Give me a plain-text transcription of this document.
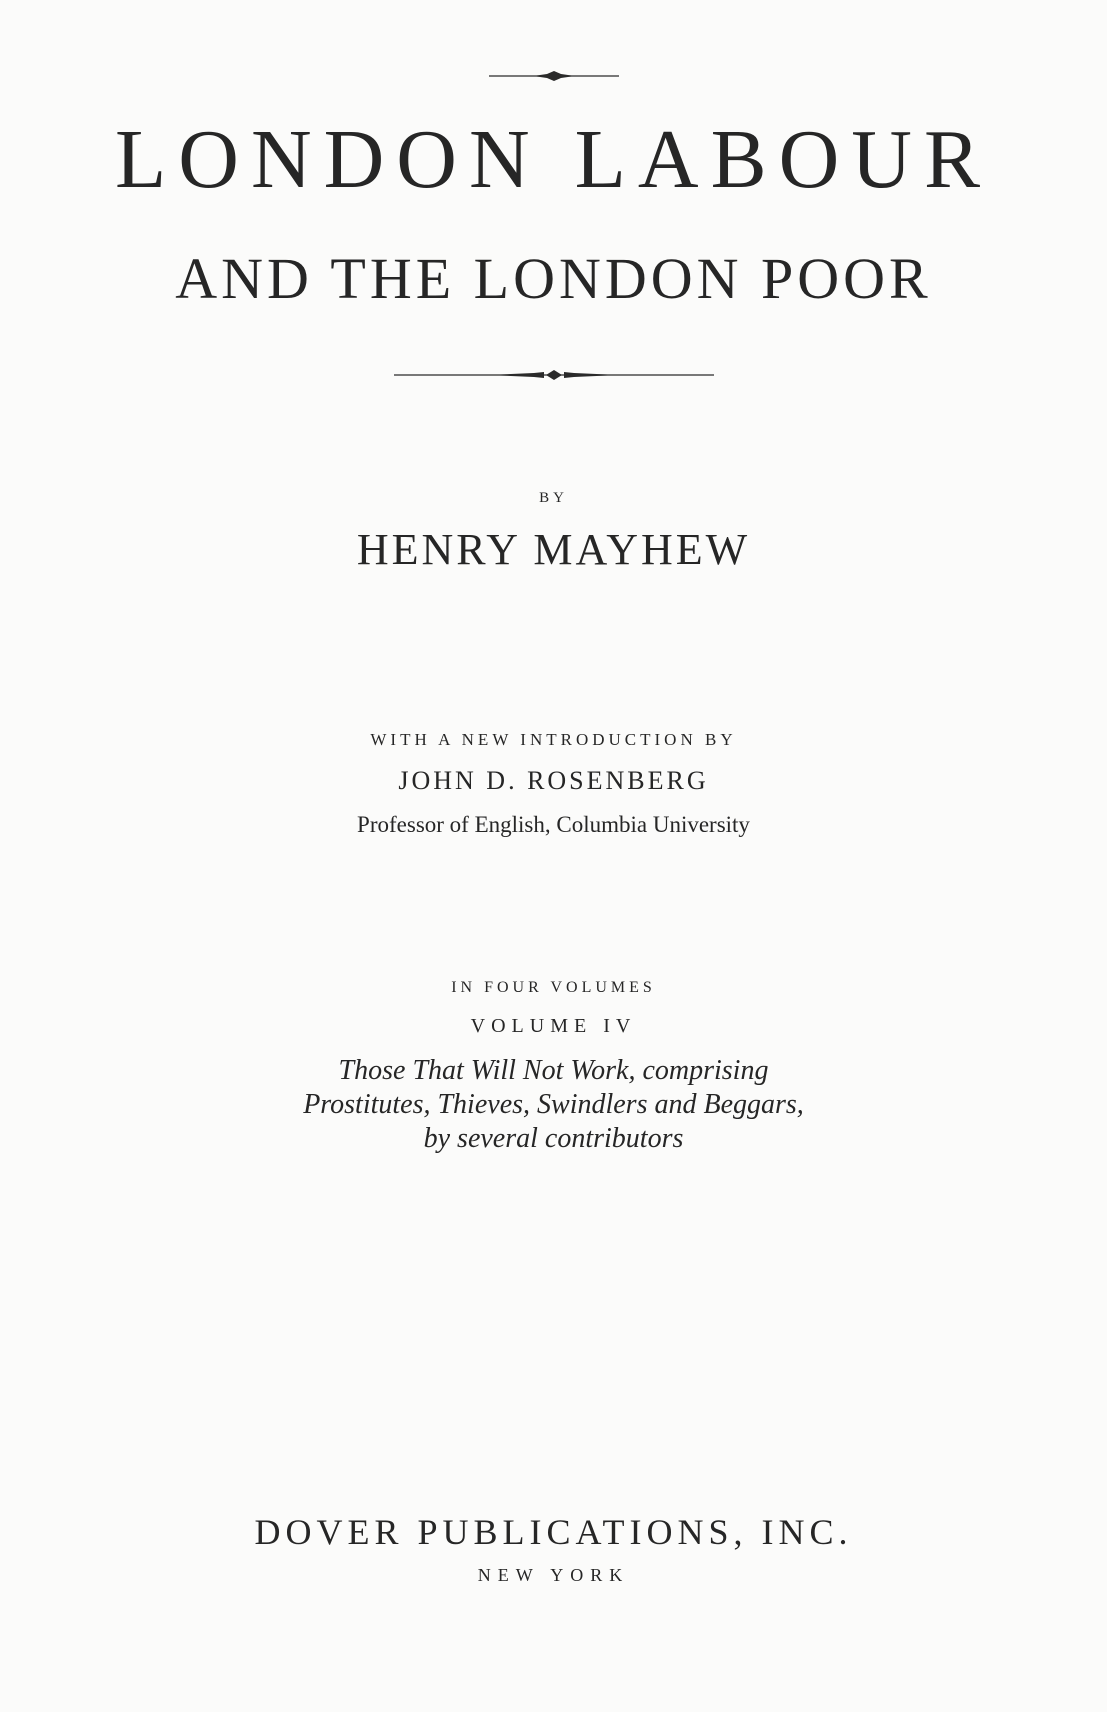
LONDON LABOUR
AND THE LONDON POOR
BY
HENRY MAYHEW
WITH A NEW INTRODUCTION BY
JOHN D. ROSENBERG
Professor of English, Columbia University
IN FOUR VOLUMES
VOLUME IV
Those That Will Not Work, comprising
Prostitutes, Thieves, Swindlers and Beggars,
by several contributors
DOVER PUBLICATIONS, INC.
NEW YORK
